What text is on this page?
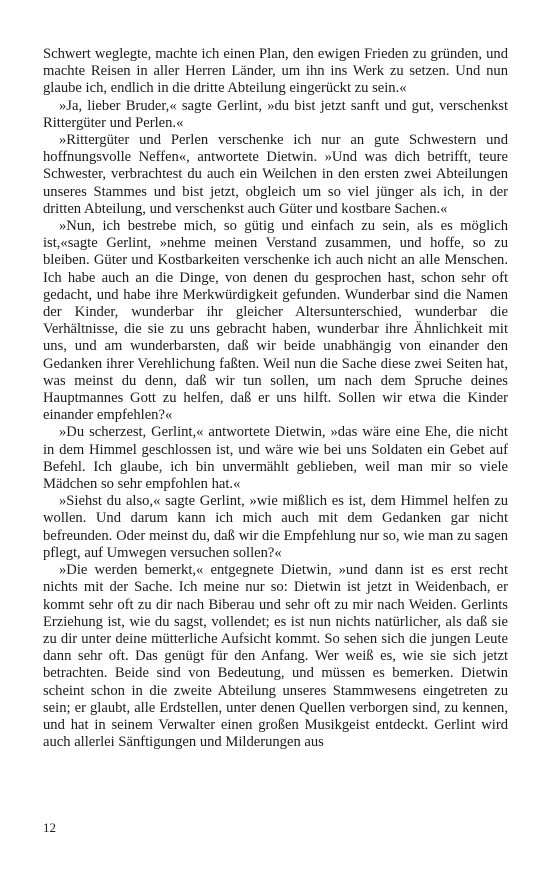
Schwert weglegte, machte ich einen Plan, den ewigen Frieden zu gründen, und machte Reisen in aller Herren Länder, um ihn ins Werk zu setzen. Und nun glaube ich, endlich in die dritte Abteilung eingerückt zu sein.«

»Ja, lieber Bruder,« sagte Gerlint, »du bist jetzt sanft und gut, verschenkst Rittergüter und Perlen.«

»Rittergüter und Perlen verschenke ich nur an gute Schwestern und hoffnungsvolle Neffen«, antwortete Dietwin. »Und was dich betrifft, teure Schwester, verbrachtest du auch ein Weilchen in den ersten zwei Abteilungen unseres Stammes und bist jetzt, obgleich um so viel jünger als ich, in der dritten Abteilung, und verschenkst auch Güter und kostbare Sachen.«

»Nun, ich bestrebe mich, so gütig und einfach zu sein, als es möglich ist,«sagte Gerlint, »nehme meinen Verstand zusammen, und hoffe, so zu bleiben. Güter und Kostbarkeiten verschenke ich auch nicht an alle Menschen. Ich habe auch an die Dinge, von denen du gesprochen hast, schon sehr oft gedacht, und habe ihre Merkwürdigkeit gefunden. Wunderbar sind die Namen der Kinder, wunderbar ihr gleicher Altersunterschied, wunderbar die Verhältnisse, die sie zu uns gebracht haben, wunderbar ihre Ähnlichkeit mit uns, und am wunderbarsten, daß wir beide unabhängig von einander den Gedanken ihrer Verehlichung faßten. Weil nun die Sache diese zwei Seiten hat, was meinst du denn, daß wir tun sollen, um nach dem Spruche deines Hauptmannes Gott zu helfen, daß er uns hilft. Sollen wir etwa die Kinder einander empfehlen?«

»Du scherzest, Gerlint,« antwortete Dietwin, »das wäre eine Ehe, die nicht in dem Himmel geschlossen ist, und wäre wie bei uns Soldaten ein Gebet auf Befehl. Ich glaube, ich bin unvermählt geblieben, weil man mir so viele Mädchen so sehr empfohlen hat.«

»Siehst du also,« sagte Gerlint, »wie mißlich es ist, dem Himmel helfen zu wollen. Und darum kann ich mich auch mit dem Gedanken gar nicht befreunden. Oder meinst du, daß wir die Empfehlung nur so, wie man zu sagen pflegt, auf Umwegen versuchen sollen?«

»Die werden bemerkt,« entgegnete Dietwin, »und dann ist es erst recht nichts mit der Sache. Ich meine nur so: Dietwin ist jetzt in Weidenbach, er kommt sehr oft zu dir nach Biberau und sehr oft zu mir nach Weiden. Gerlints Erziehung ist, wie du sagst, vollendet; es ist nun nichts natürlicher, als daß sie zu dir unter deine mütterliche Aufsicht kommt. So sehen sich die jungen Leute dann sehr oft. Das genügt für den Anfang. Wer weiß es, wie sie sich jetzt betrachten. Beide sind von Bedeutung, und müssen es bemerken. Dietwin scheint schon in die zweite Abteilung unseres Stammwesens eingetreten zu sein; er glaubt, alle Erdstellen, unter denen Quellen verborgen sind, zu kennen, und hat in seinem Verwalter einen großen Musikgeist entdeckt. Gerlint wird auch allerlei Sänftigungen und Milderungen aus

12
